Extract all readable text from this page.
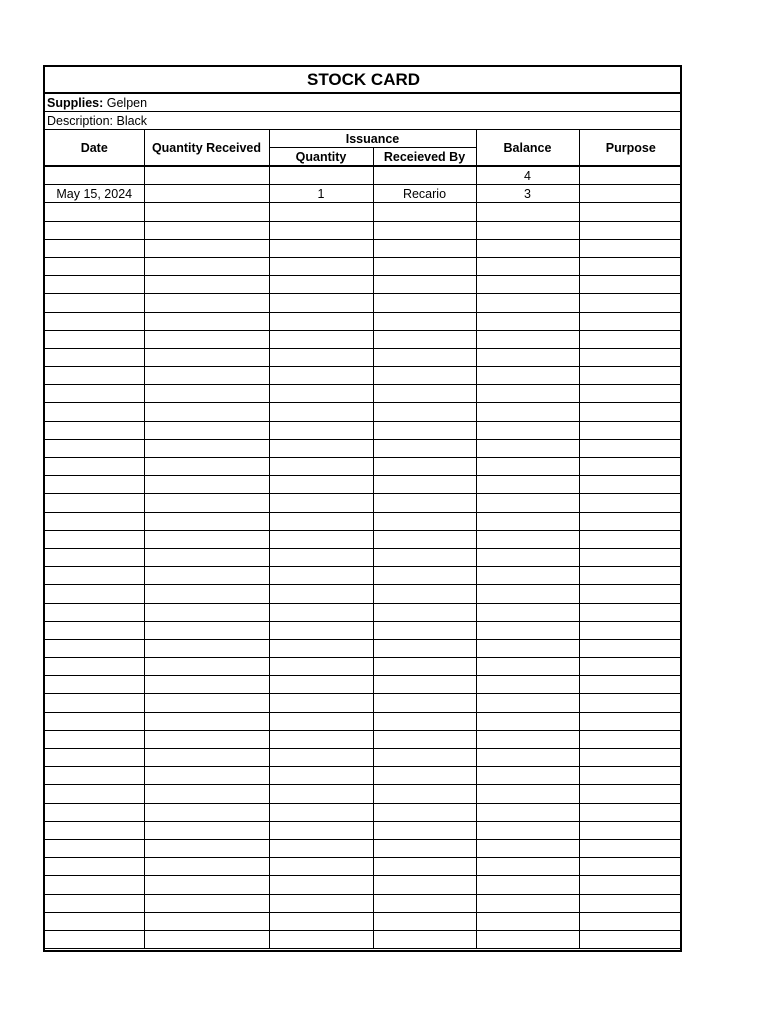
STOCK CARD					
Supplies: Gelpen					
Description: Black					
Date	Quantity Received	Issuance		Balance	Purpose
		Quantity	Receieved By		
				4	
May 15, 2024		1	Recario	3	
